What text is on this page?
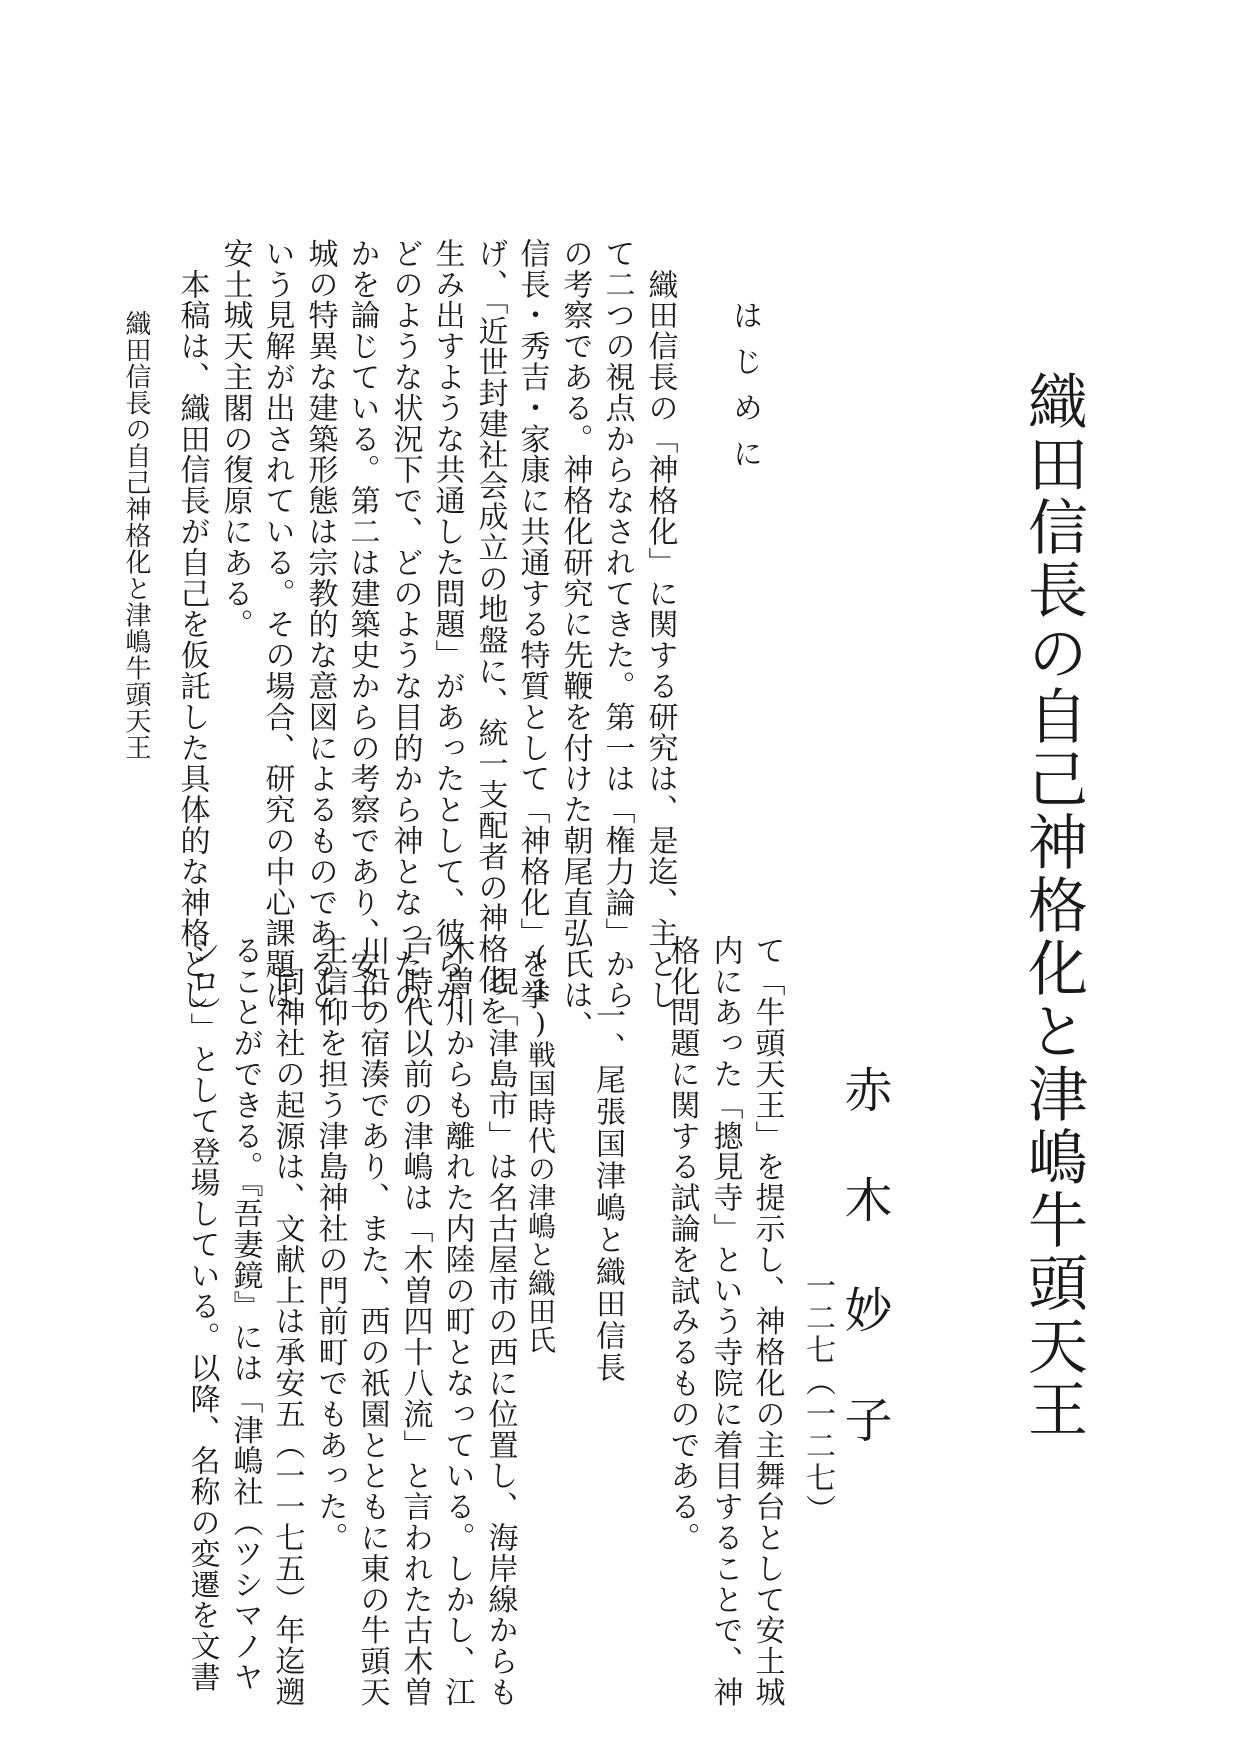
織田信長の自己神格化と津嶋牛頭天王
赤木妙子
はじめに
　織田信長の「神格化」に関する研究は、是迄、主とし
て二つの視点からなされてきた。第一は「権力論」から
の考察である。神格化研究に先鞭を付けた朝尾直弘氏は、
信長・秀吉・家康に共通する特質として「神格化」を挙
げ、「近世封建社会成立の地盤に、統一支配者の神格化を
生み出すような共通した問題」があったとして、彼らが、
どのような状況下で、どのような目的から神となったの
かを論じている。第二は建築史からの考察であり、安土
城の特異な建築形態は宗教的な意図によるものであると
いう見解が出されている。その場合、研究の中心課題は
安土城天主閣の復原にある。
　本稿は、織田信長が自己を仮託した具体的な神格とし
織田信長の自己神格化と津嶋牛頭天王
て「牛頭天王」を提示し、神格化の主舞台として安土城
内にあった「摠見寺」という寺院に着目することで、神
格化問題に関する試論を試みるものである。
一、尾張国津嶋と織田信長
(1)戦国時代の津嶋と織田氏
　現「津島市」は名古屋市の西に位置し、海岸線からも
木曽川からも離れた内陸の町となっている。しかし、江
戸時代以前の津嶋は「木曽四十八流」と言われた古木曽
川沿の宿湊であり、また、西の祇園とともに東の牛頭天
王信仰を担う津島神社の門前町でもあった。
　同神社の起源は、文献上は承安五（一一七五）年迄遡
ることができる。『吾妻鏡』には「津嶋社（ツシマノヤ
シロ）」として登場している。以降、名称の変遷を文書	一二七（一二七）
